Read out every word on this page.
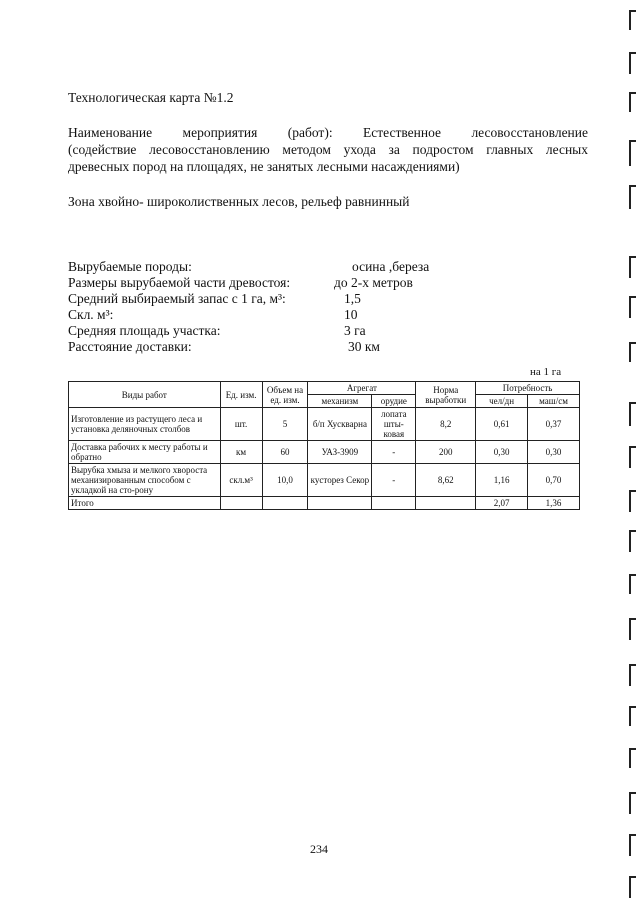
Технологическая карта №1.2
Наименование мероприятия (работ): Естественное лесовосстановление
(содействие лесовосстановлению методом ухода за подростом главных лесных
древесных пород на площадях, не занятых лесными насаждениями)
Зона хвойно- широколиственных лесов, рельеф равнинный
Вырубаемые породы:	осина ,береза
Размеры вырубаемой части древостоя:	до 2-х метров
Средний выбираемый запас с 1 га, м³:	1,5
Скл. м³:	10
Средняя площадь участка:	3 га
Расстояние доставки:	30 км
на 1 га
Виды работ	Ед. изм.	Объем на ед. изм.	Агрегат		Норма выработки	Потребность	
			механизм	орудие		чел/дн	маш/см
Изготовление из растущего леса и установка деляночных столбов	шт.	5	б/п Хускварна	лопата шты-ковая	8,2	0,61	0,37
Доставка рабочих к месту работы и обратно	км	60	УАЗ-3909	-	200	0,30	0,30
Вырубка хмыза и мелкого хворостa механизированным способом с укладкой на сто-рону	скл.м³	10,0	кусторез Секор	-	8,62	1,16	0,70
Итого						2,07	1,36
234
